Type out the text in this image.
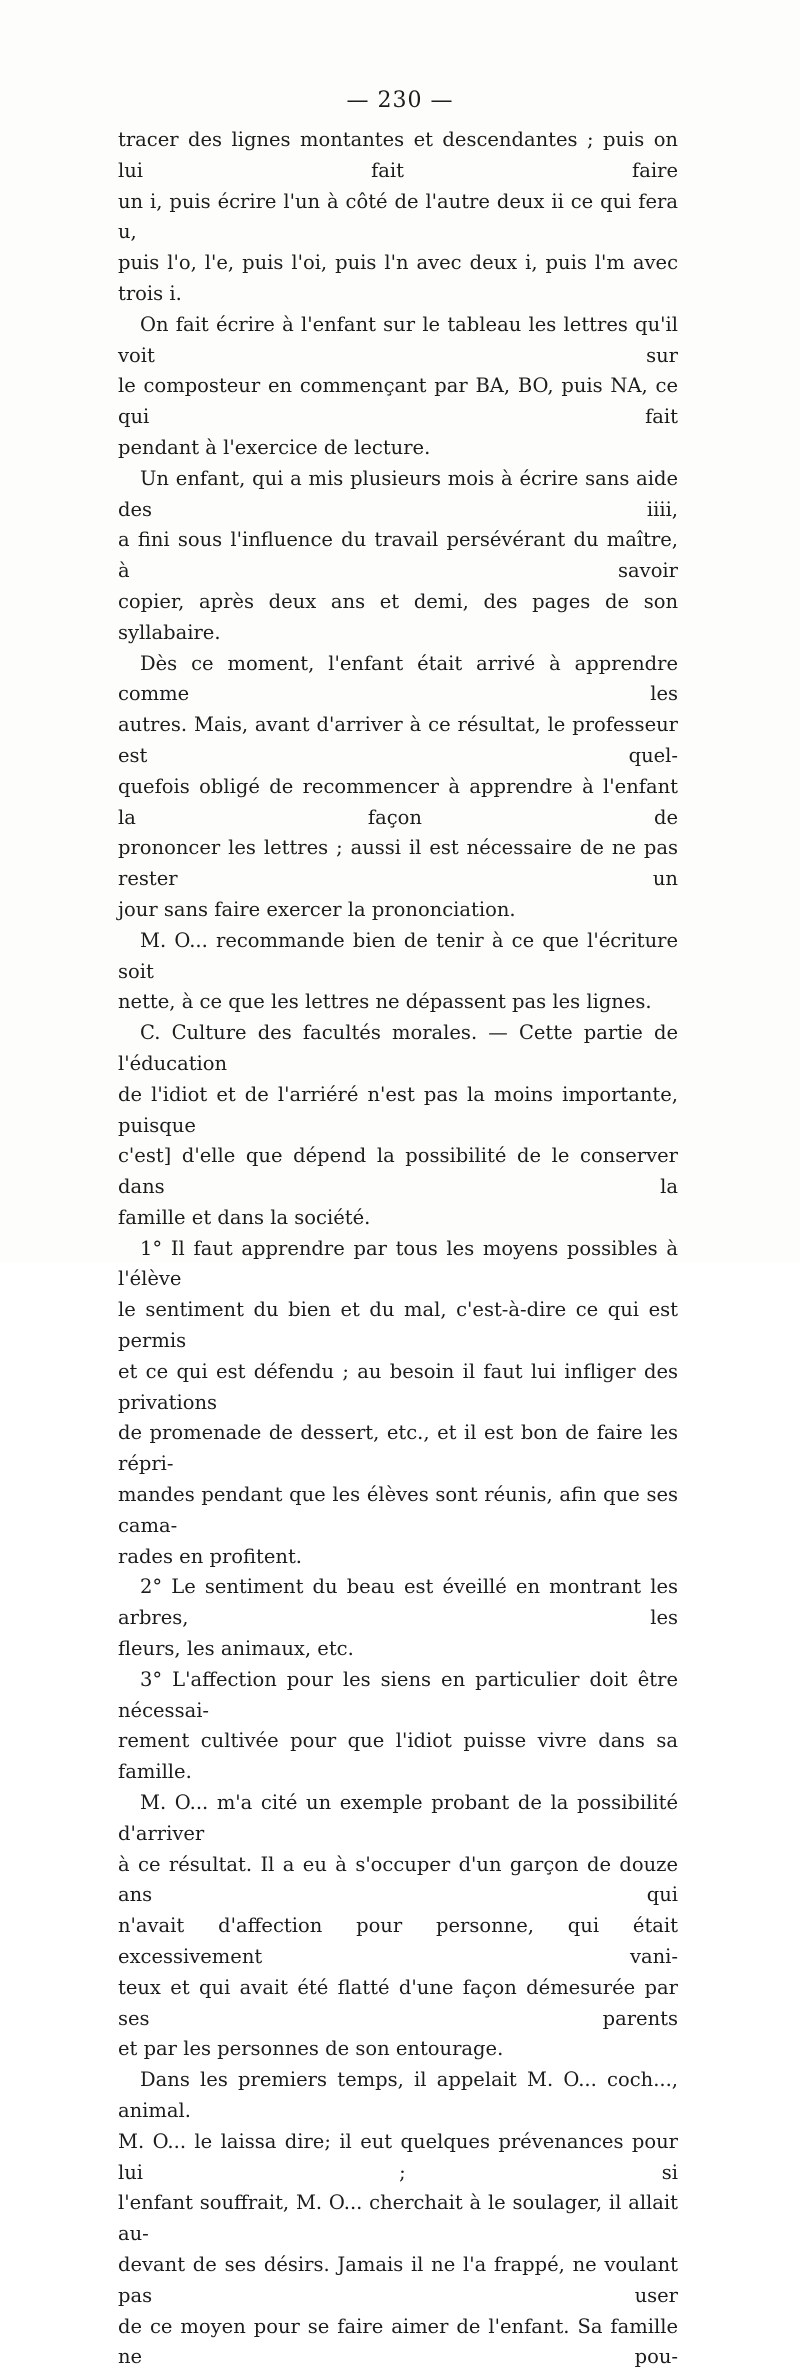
— 230 —

tracer des lignes montantes et descendantes ; puis on lui fait faire

un i, puis écrire l'un à côté de l'autre deux ii ce qui fera u,

puis l'o, l'e, puis l'oi, puis l'n avec deux i, puis l'm avec trois i.

On fait écrire à l'enfant sur le tableau les lettres qu'il voit sur

le composteur en commençant par BA, BO, puis NA, ce qui fait

pendant à l'exercice de lecture.

Un enfant, qui a mis plusieurs mois à écrire sans aide des iiii,

a fini sous l'influence du travail persévérant du maître, à savoir

copier, après deux ans et demi, des pages de son syllabaire.

Dès ce moment, l'enfant était arrivé à apprendre comme les

autres. Mais, avant d'arriver à ce résultat, le professeur est quel-

quefois obligé de recommencer à apprendre à l'enfant la façon de

prononcer les lettres ; aussi il est nécessaire de ne pas rester un

jour sans faire exercer la prononciation.

M. O... recommande bien de tenir à ce que l'écriture soit

nette, à ce que les lettres ne dépassent pas les lignes.

C. Culture des facultés morales. — Cette partie de l'éducation

de l'idiot et de l'arriéré n'est pas la moins importante, puisque

c'est] d'elle que dépend la possibilité de le conserver dans la

famille et dans la société.

1° Il faut apprendre par tous les moyens possibles à l'élève

le sentiment du bien et du mal, c'est-à-dire ce qui est permis

et ce qui est défendu ; au besoin il faut lui infliger des privations

de promenade de dessert, etc., et il est bon de faire les répri-

mandes pendant que les élèves sont réunis, afin que ses cama-

rades en profitent.

2° Le sentiment du beau est éveillé en montrant les arbres, les

fleurs, les animaux, etc.

3° L'affection pour les siens en particulier doit être nécessai-

rement cultivée pour que l'idiot puisse vivre dans sa famille.

M. O... m'a cité un exemple probant de la possibilité d'arriver

à ce résultat. Il a eu à s'occuper d'un garçon de douze ans qui

n'avait d'affection pour personne, qui était excessivement vani-

teux et qui avait été flatté d'une façon démesurée par ses parents

et par les personnes de son entourage.

Dans les premiers temps, il appelait M. O... coch..., animal.

M. O... le laissa dire; il eut quelques prévenances pour lui ; si

l'enfant souffrait, M. O... cherchait à le soulager, il allait au-

devant de ses désirs. Jamais il ne l'a frappé, ne voulant pas user

de ce moyen pour se faire aimer de l'enfant. Sa famille ne pou-
